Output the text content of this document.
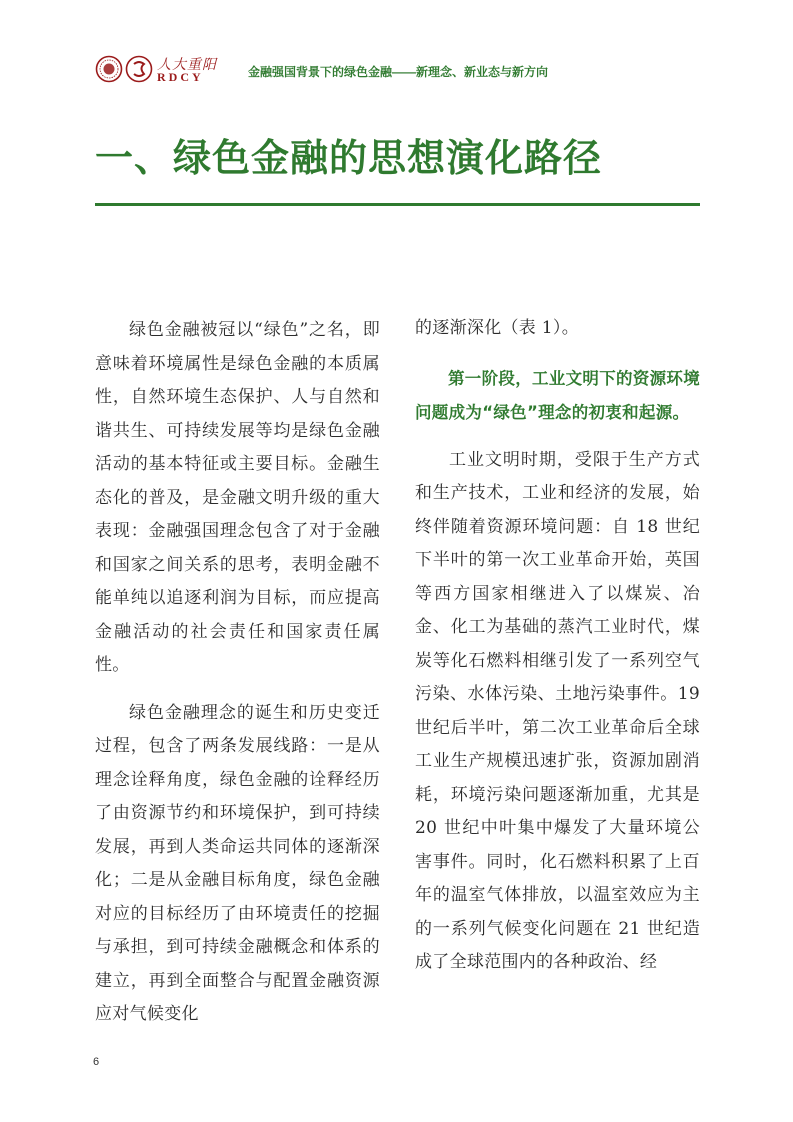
人大重阳
RDCY	金融强国背景下的绿色金融——新理念、新业态与新方向
一、绿色金融的思想演化路径

绿色金融被冠以“绿色”之名，即意味着环境属性是绿色金融的本质属性，自然环境生态保护、人与自然和谐共生、可持续发展等均是绿色金融活动的基本特征或主要目标。金融生态化的普及，是金融文明升级的重大表现：金融强国理念包含了对于金融和国家之间关系的思考，表明金融不能单纯以追逐利润为目标，而应提高金融活动的社会责任和国家责任属性。

绿色金融理念的诞生和历史变迁过程，包含了两条发展线路：一是从理念诠释角度，绿色金融的诠释经历了由资源节约和环境保护，到可持续发展，再到人类命运共同体的逐渐深化；二是从金融目标角度，绿色金融对应的目标经历了由环境责任的挖掘与承担，到可持续金融概念和体系的建立，再到全面整合与配置金融资源应对气候变化

的逐渐深化（表 1）。

第一阶段，工业文明下的资源环境问题成为“绿色”理念的初衷和起源。

工业文明时期，受限于生产方式和生产技术，工业和经济的发展，始终伴随着资源环境问题：自 18 世纪下半叶的第一次工业革命开始，英国等西方国家相继进入了以煤炭、冶金、化工为基础的蒸汽工业时代，煤炭等化石燃料相继引发了一系列空气污染、水体污染、土地污染事件。19 世纪后半叶，第二次工业革命后全球工业生产规模迅速扩张，资源加剧消耗，环境污染问题逐渐加重，尤其是 20 世纪中叶集中爆发了大量环境公害事件。同时，化石燃料积累了上百年的温室气体排放，以温室效应为主的一系列气候变化问题在 21 世纪造成了全球范围内的各种政治、经

6
